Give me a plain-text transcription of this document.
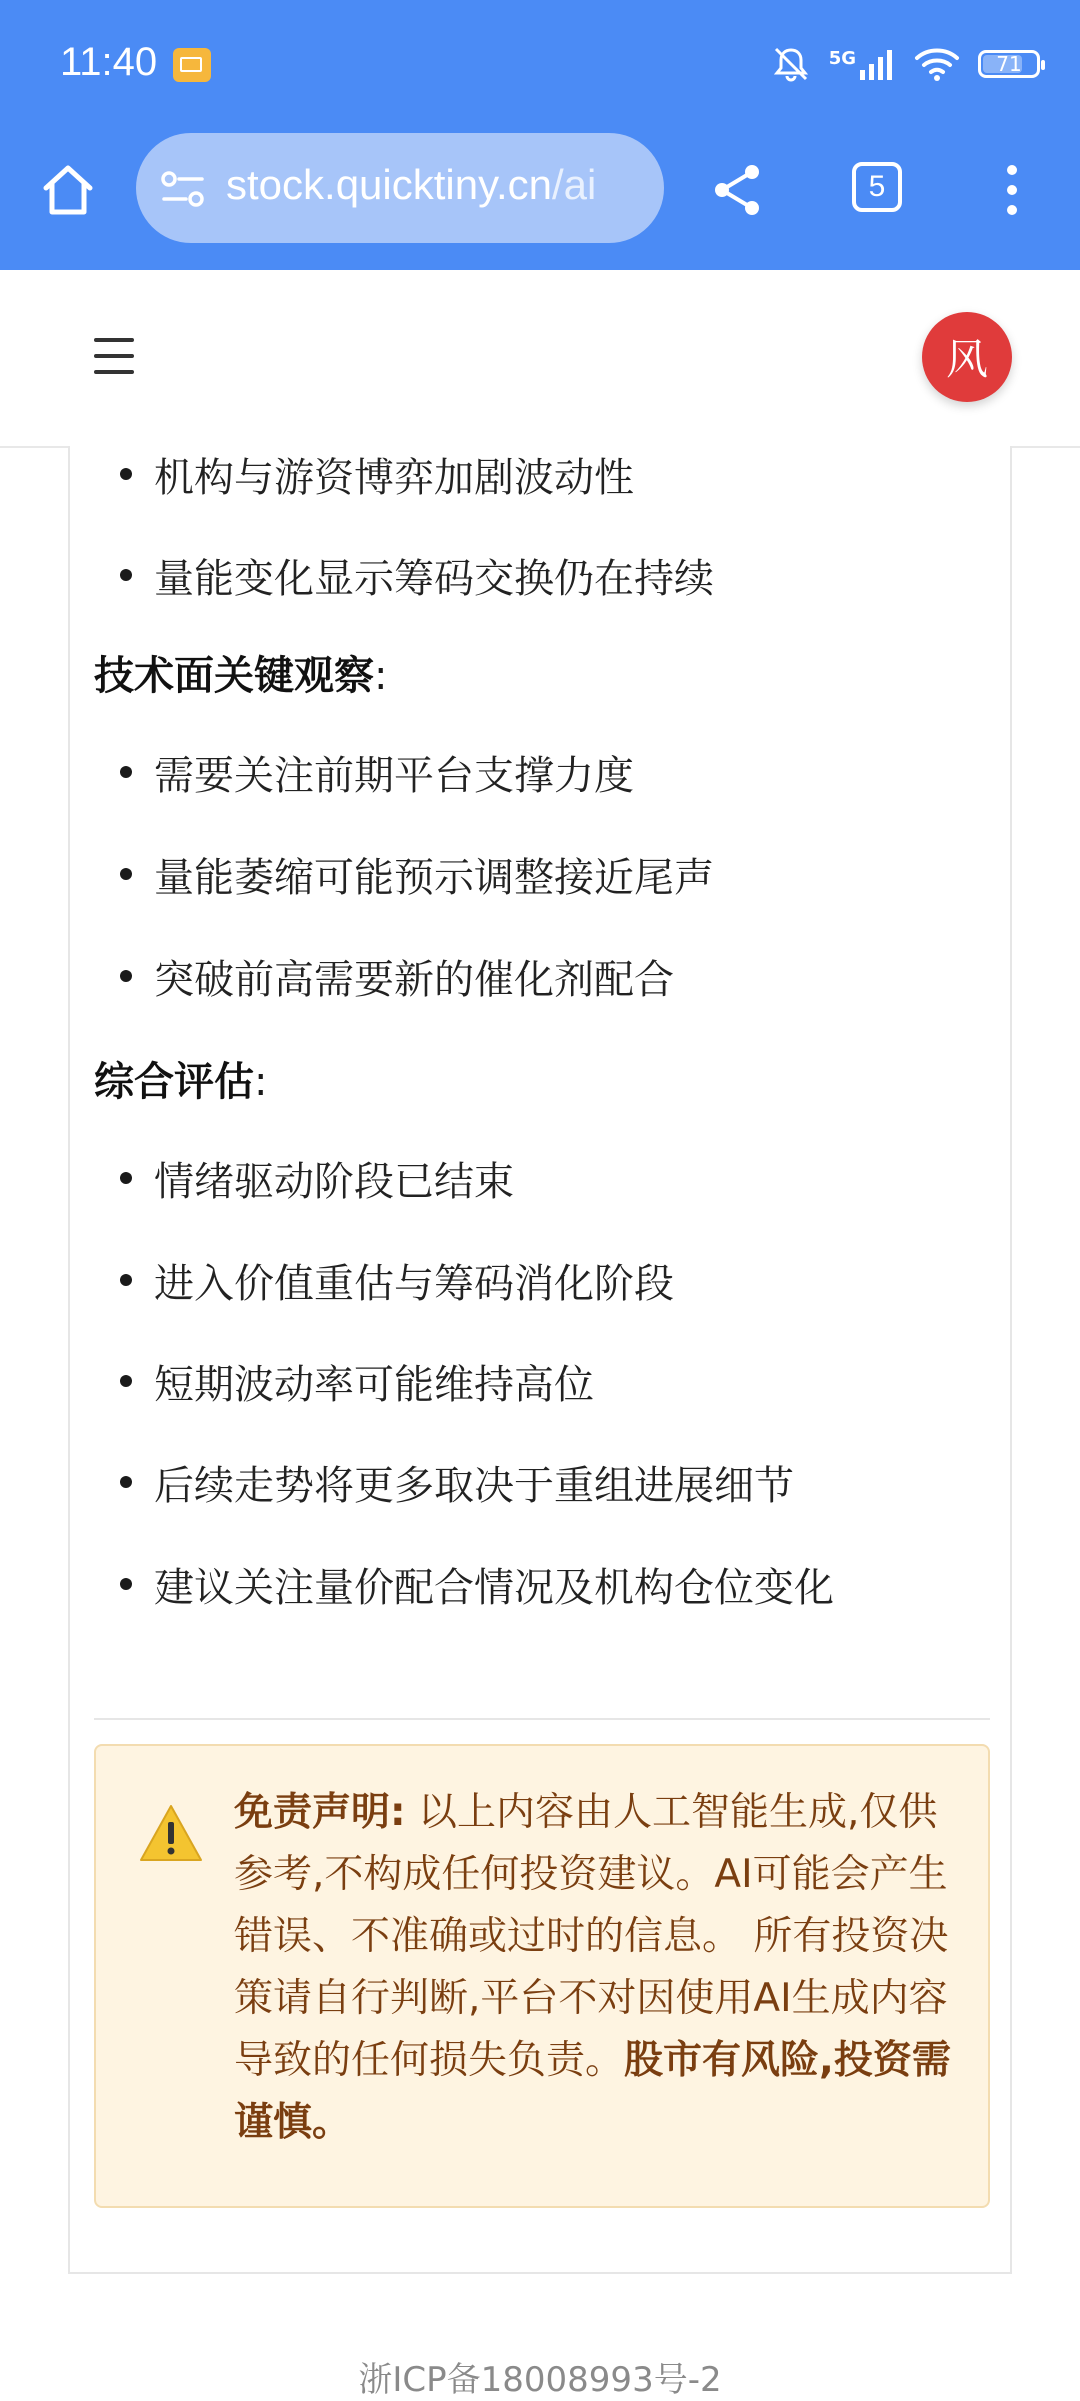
11:40	5G	71
stock.quicktiny.cn/ai	5
风
机构与游资博弈加剧波动性
量能变化显示筹码交换仍在持续
技术面关键观察:
需要关注前期平台支撑力度
量能萎缩可能预示调整接近尾声
突破前高需要新的催化剂配合
综合评估:
情绪驱动阶段已结束
进入价值重估与筹码消化阶段
短期波动率可能维持高位
后续走势将更多取决于重组进展细节
建议关注量价配合情况及机构仓位变化
免责声明: 以上内容由人工智能生成,仅供参考,不构成任何投资建议。AI可能会产生错误、不准确或过时的信息。 所有投资决策请自行判断,平台不对因使用AI生成内容导致的任何损失负责。股市有风险,投资需谨慎。
浙ICP备18008993号-2
